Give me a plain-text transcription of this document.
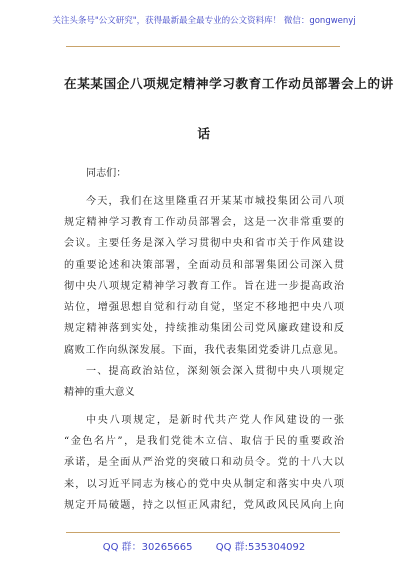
关注头条号"公文研究"，获得最新最全最专业的公文资料库！ 微信：gongwenyj
在某某国企八项规定精神学习教育工作动员部署会上的讲
话
同志们：
今天，我们在这里隆重召开某某市城投集团公司八项
规定精神学习教育工作动员部署会，这是一次非常重要的
会议。主要任务是深入学习贯彻中央和省市关于作风建设
的重要论述和决策部署，全面动员和部署集团公司深入贯
彻中央八项规定精神学习教育工作。旨在进一步提高政治
站位，增强思想自觉和行动自觉，坚定不移地把中央八项
规定精神落到实处，持续推动集团公司党风廉政建设和反
腐败工作向纵深发展。下面，我代表集团党委讲几点意见。
一、提高政治站位，深刻领会深入贯彻中央八项规定
精神的重大意义
中央八项规定，是新时代共产党人作风建设的一张
“金色名片”，是我们党徙木立信、取信于民的重要政治
承诺，是全面从严治党的突破口和动员令。党的十八大以
来，以习近平同志为核心的党中央从制定和落实中央八项
规定开局破题，持之以恒正风肃纪，党风政风民风向上向
QQ 群：30265665 QQ 群:535304092
